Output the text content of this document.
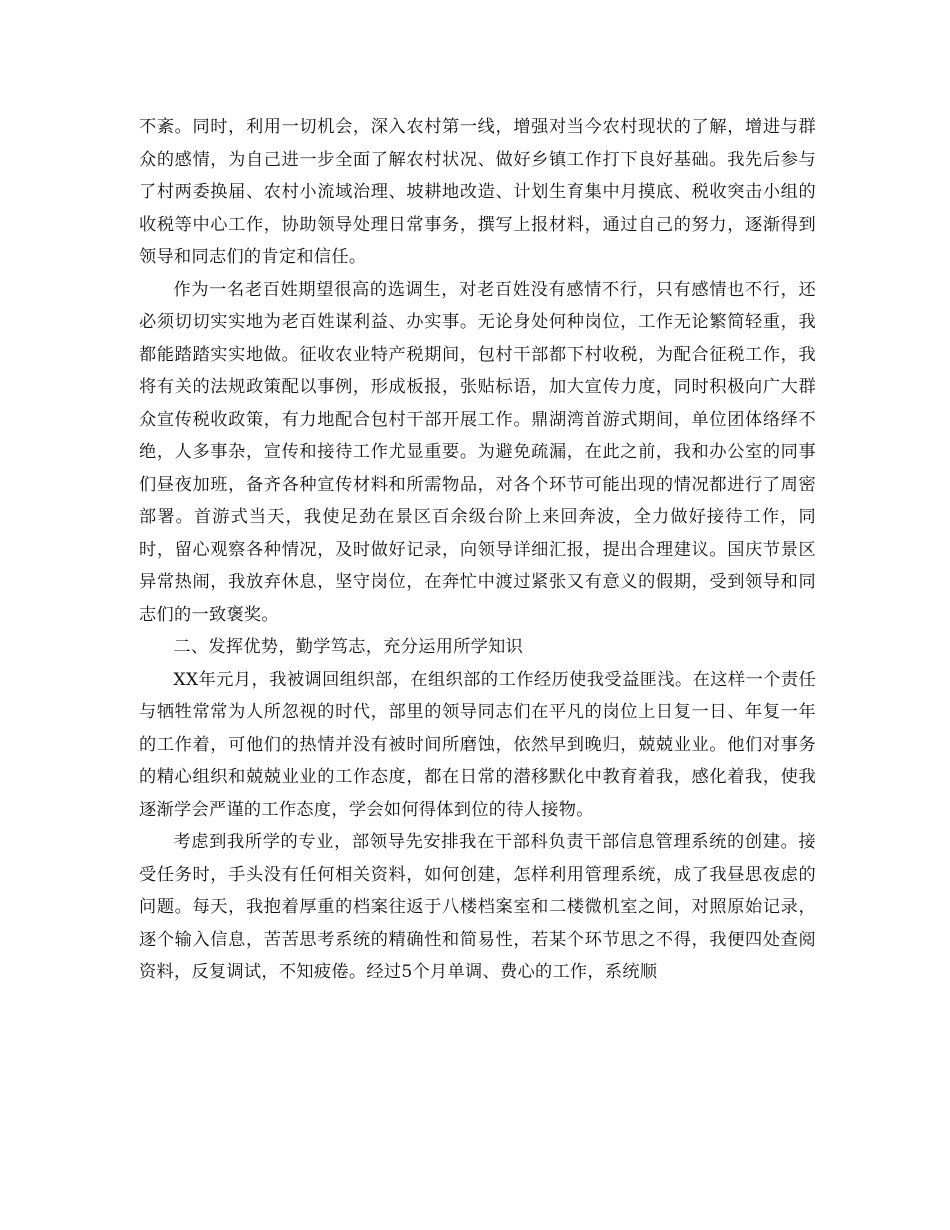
不紊。同时，利用一切机会，深入农村第一线，增强对当今农村现状的了解，增进与群众的感情，为自己进一步全面了解农村状况、做好乡镇工作打下良好基础。我先后参与了村两委换届、农村小流域治理、坡耕地改造、计划生育集中月摸底、税收突击小组的收税等中心工作，协助领导处理日常事务，撰写上报材料，通过自己的努力，逐渐得到领导和同志们的肯定和信任。

作为一名老百姓期望很高的选调生，对老百姓没有感情不行，只有感情也不行，还必须切切实实地为老百姓谋利益、办实事。无论身处何种岗位，工作无论繁简轻重，我都能踏踏实实地做。征收农业特产税期间，包村干部都下村收税，为配合征税工作，我将有关的法规政策配以事例，形成板报，张贴标语，加大宣传力度，同时积极向广大群众宣传税收政策，有力地配合包村干部开展工作。鼎湖湾首游式期间，单位团体络绎不绝，人多事杂，宣传和接待工作尤显重要。为避免疏漏，在此之前，我和办公室的同事们昼夜加班，备齐各种宣传材料和所需物品，对各个环节可能出现的情况都进行了周密部署。首游式当天，我使足劲在景区百余级台阶上来回奔波，全力做好接待工作，同时，留心观察各种情况，及时做好记录，向领导详细汇报，提出合理建议。国庆节景区异常热闹，我放弃休息，坚守岗位，在奔忙中渡过紧张又有意义的假期，受到领导和同志们的一致褒奖。

二、发挥优势，勤学笃志，充分运用所学知识

XX年元月，我被调回组织部，在组织部的工作经历使我受益匪浅。在这样一个责任与牺牲常常为人所忽视的时代，部里的领导同志们在平凡的岗位上日复一日、年复一年的工作着，可他们的热情并没有被时间所磨蚀，依然早到晚归，兢兢业业。他们对事务的精心组织和兢兢业业的工作态度，都在日常的潜移默化中教育着我，感化着我，使我逐渐学会严谨的工作态度，学会如何得体到位的待人接物。

考虑到我所学的专业，部领导先安排我在干部科负责干部信息管理系统的创建。接受任务时，手头没有任何相关资料，如何创建，怎样利用管理系统，成了我昼思夜虑的问题。每天，我抱着厚重的档案往返于八楼档案室和二楼微机室之间，对照原始记录，逐个输入信息，苦苦思考系统的精确性和简易性，若某个环节思之不得，我便四处查阅资料，反复调试，不知疲倦。经过5个月单调、费心的工作，系统顺
